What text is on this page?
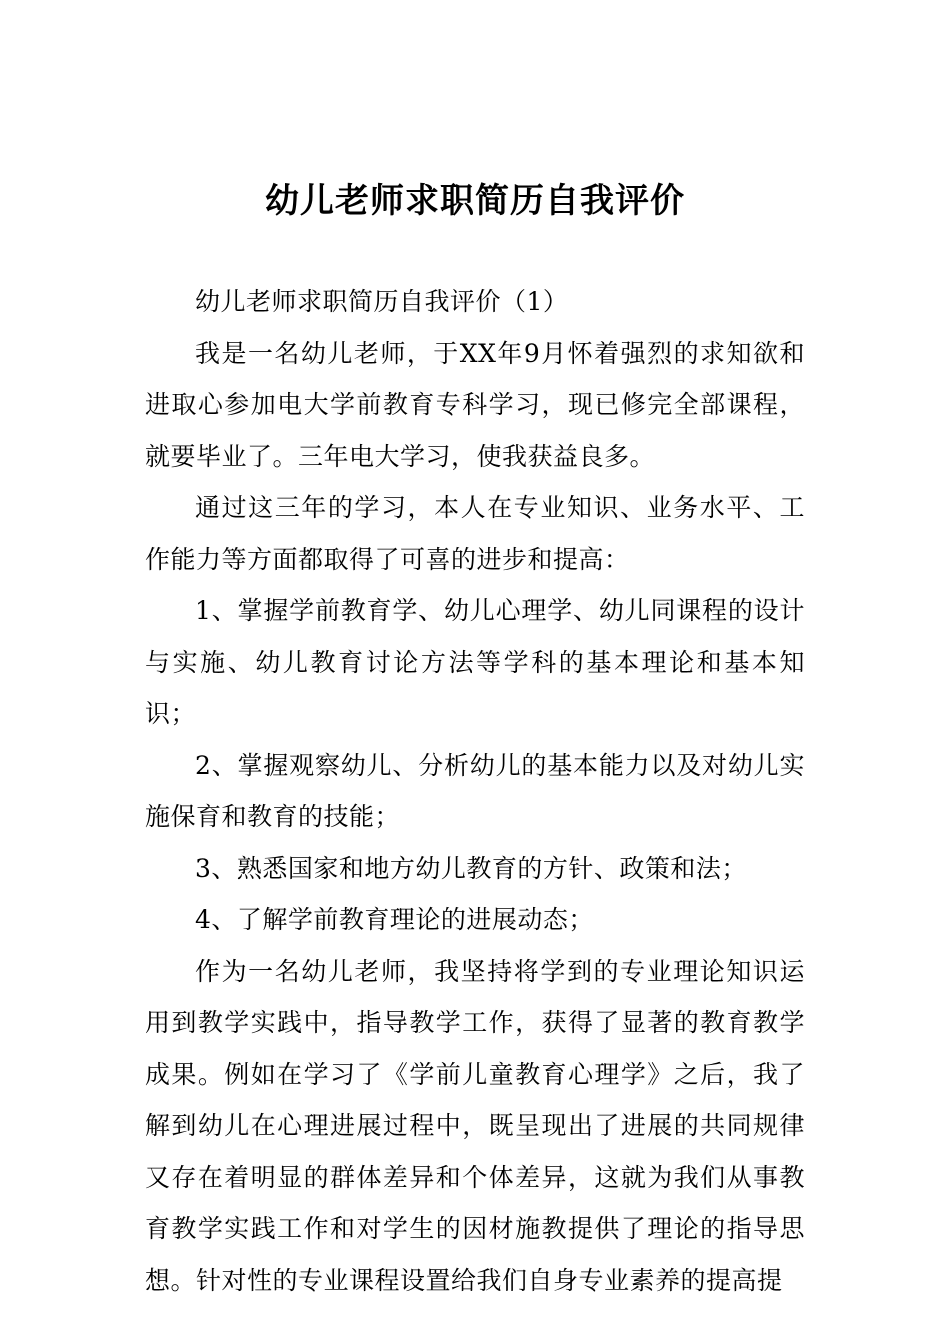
幼儿老师求职简历自我评价

幼儿老师求职简历自我评价（1）

我是一名幼儿老师，于XX年9月怀着强烈的求知欲和进取心参加电大学前教育专科学习，现已修完全部课程，就要毕业了。三年电大学习，使我获益良多。

通过这三年的学习，本人在专业知识、业务水平、工作能力等方面都取得了可喜的进步和提高：

1、掌握学前教育学、幼儿心理学、幼儿同课程的设计与实施、幼儿教育讨论方法等学科的基本理论和基本知识；

2、掌握观察幼儿、分析幼儿的基本能力以及对幼儿实施保育和教育的技能；

3、熟悉国家和地方幼儿教育的方针、政策和法；

4、了解学前教育理论的进展动态；

作为一名幼儿老师，我坚持将学到的专业理论知识运用到教学实践中，指导教学工作，获得了显著的教育教学成果。例如在学习了《学前儿童教育心理学》之后，我了解到幼儿在心理进展过程中，既呈现出了进展的共同规律又存在着明显的群体差异和个体差异，这就为我们从事教育教学实践工作和对学生的因材施教提供了理论的指导思想。针对性的专业课程设置给我们自身专业素养的提高提
